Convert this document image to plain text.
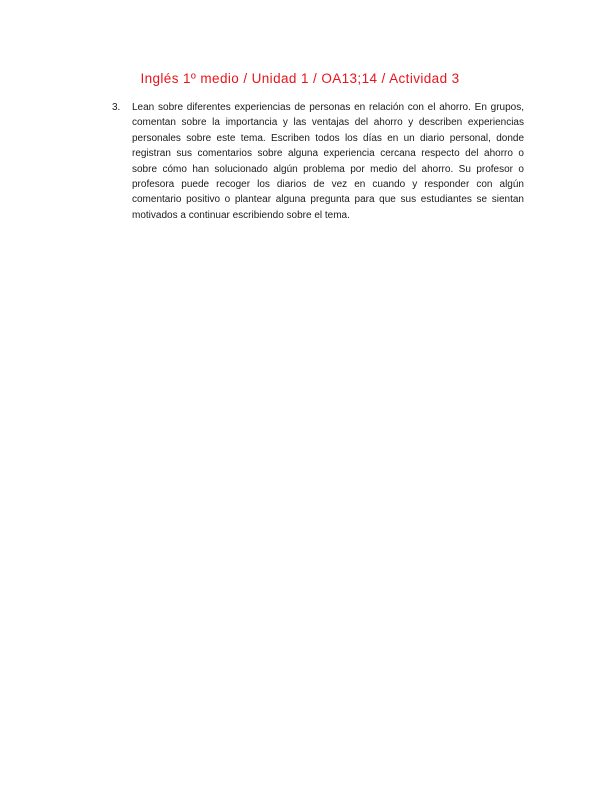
Inglés 1º medio / Unidad 1 / OA13;14 / Actividad 3
3. Lean sobre diferentes experiencias de personas en relación con el ahorro. En grupos, comentan sobre la importancia y las ventajas del ahorro y describen experiencias personales sobre este tema. Escriben todos los días en un diario personal, donde registran sus comentarios sobre alguna experiencia cercana respecto del ahorro o sobre cómo han solucionado algún problema por medio del ahorro. Su profesor o profesora puede recoger los diarios de vez en cuando y responder con algún comentario positivo o plantear alguna pregunta para que sus estudiantes se sientan motivados a continuar escribiendo sobre el tema.
